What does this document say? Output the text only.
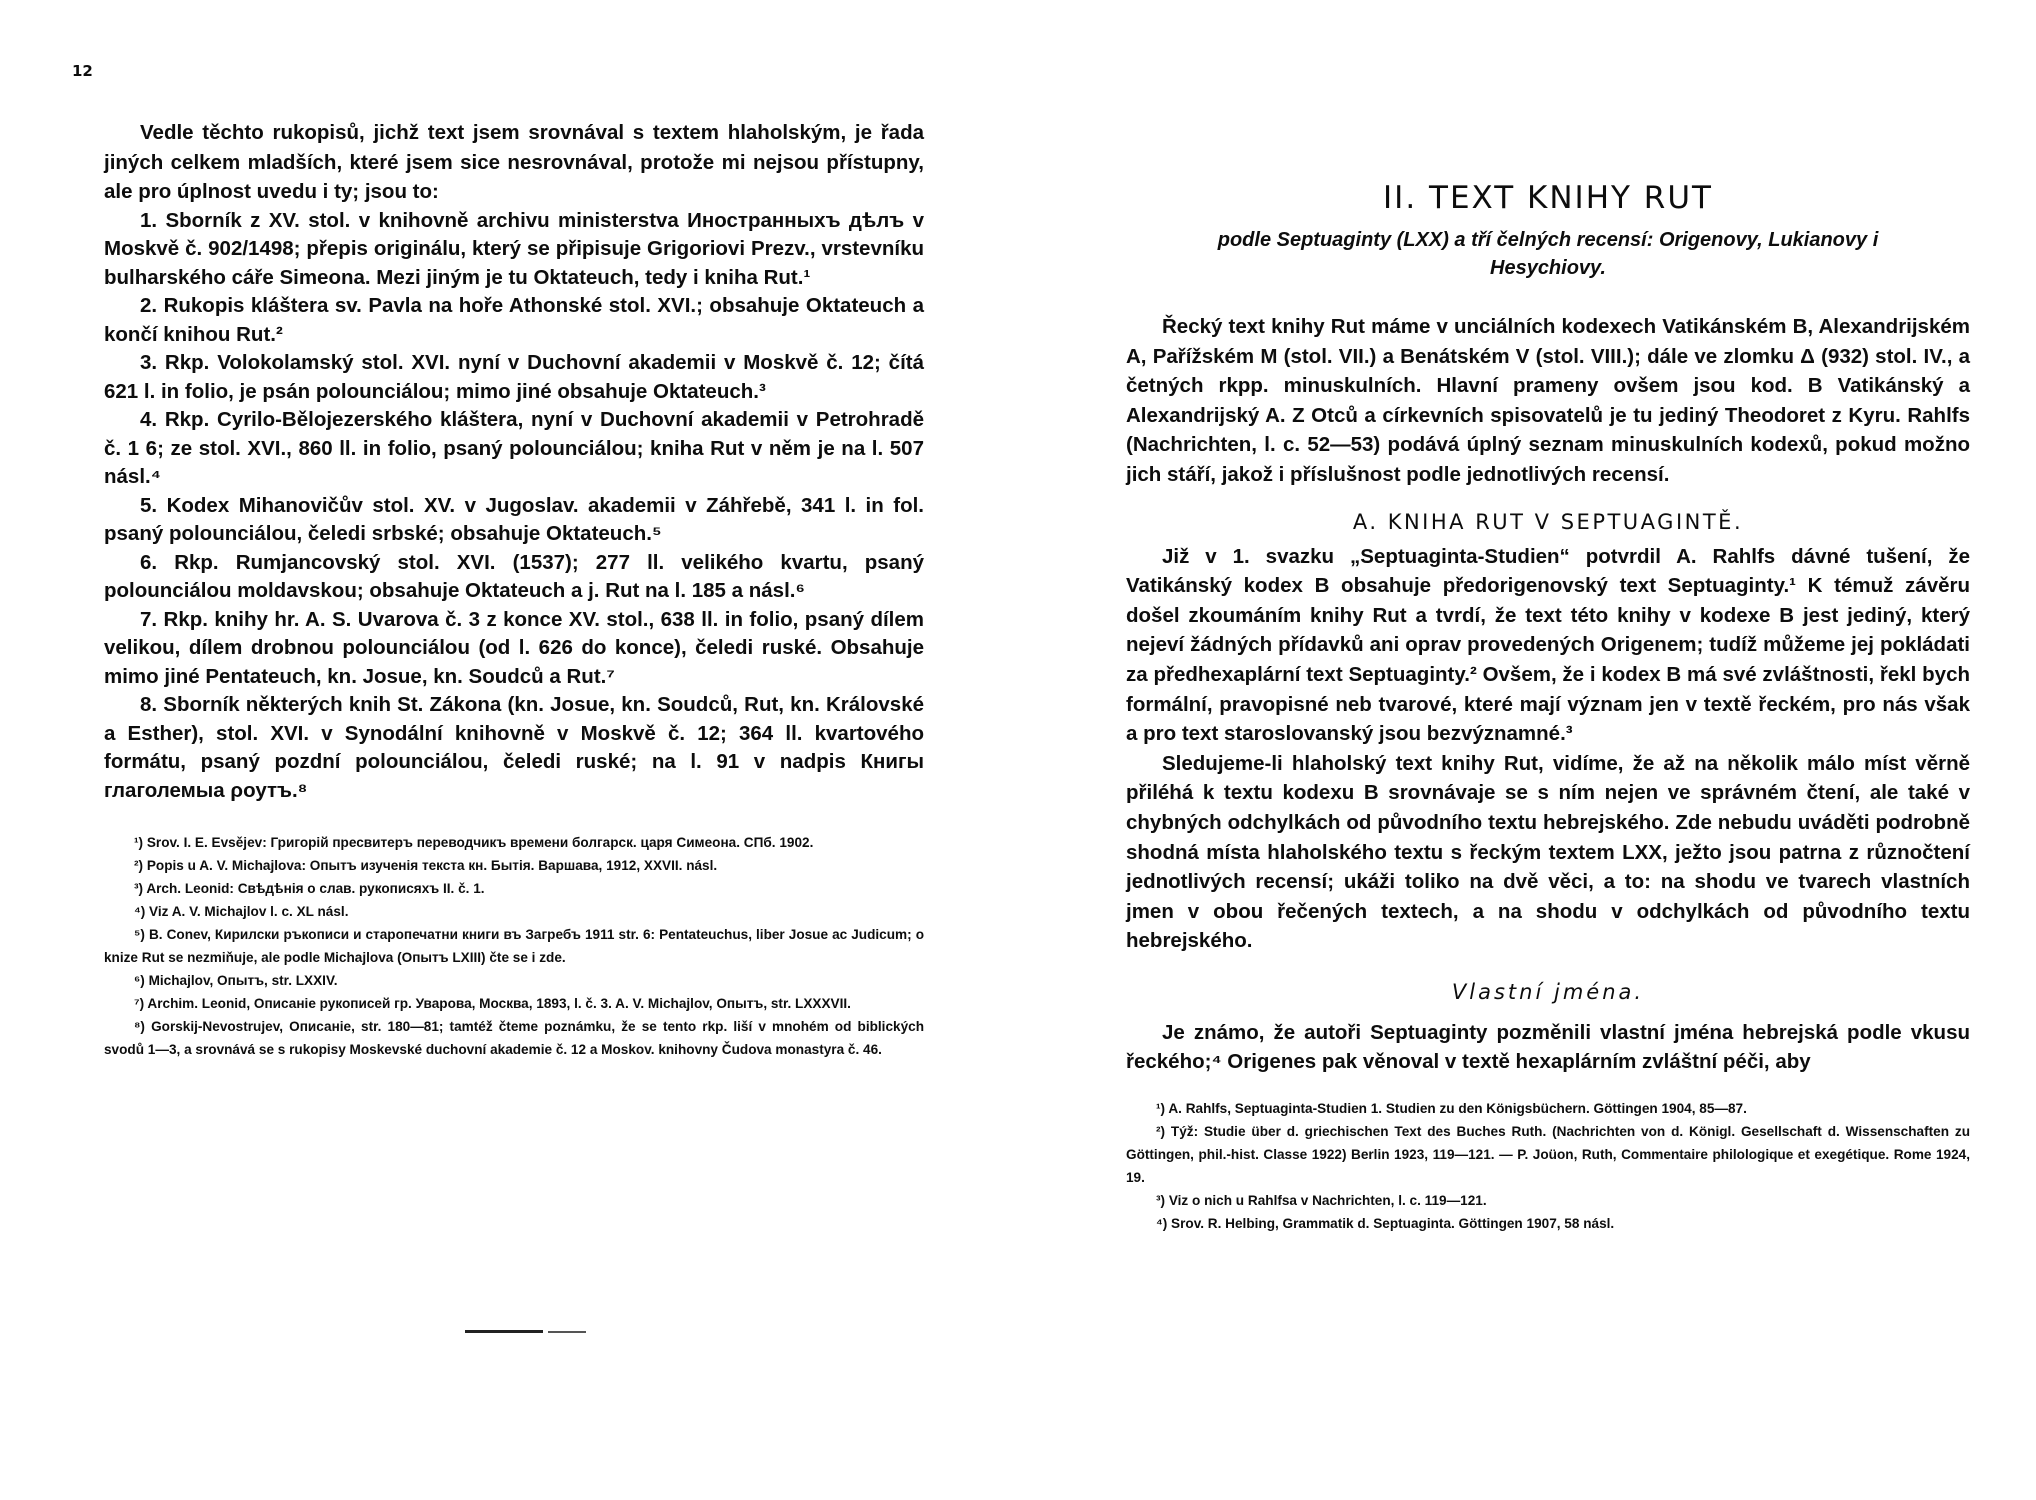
12

Vedle těchto rukopisů, jichž text jsem srovnával s textem hlaholským, je řada jiných celkem mladších, které jsem sice nesrovnával, protože mi nejsou přístupny, ale pro úplnost uvedu i ty; jsou to:

1. Sborník z XV. stol. v knihovně archivu ministerstva Иностранныхъ дѣлъ v Moskvě č. 902/1498; přepis originálu, který se připisuje Grigoriovi Prezv., vrstevníku bulharského cáře Simeona. Mezi jiným je tu Oktateuch, tedy i kniha Rut.¹

2. Rukopis kláštera sv. Pavla na hoře Athonské stol. XVI.; obsahuje Oktateuch a končí knihou Rut.²

3. Rkp. Volokolamský stol. XVI. nyní v Duchovní akademii v Moskvě č. 12; čítá 621 l. in folio, je psán polounciálou; mimo jiné obsahuje Oktateuch.³

4. Rkp. Cyrilo-Bělojezerského kláštera, nyní v Duchovní akademii v Petrohradě č. 1 6; ze stol. XVI., 860 ll. in folio, psaný polounciálou; kniha Rut v něm je na l. 507 násl.⁴

5. Kodex Mihanovičův stol. XV. v Jugoslav. akademii v Záhřebě, 341 l. in fol. psaný polounciálou, čeledi srbské; obsahuje Oktateuch.⁵

6. Rkp. Rumjancovský stol. XVI. (1537); 277 ll. velikého kvartu, psaný polounciálou moldavskou; obsahuje Oktateuch a j. Rut na l. 185 a násl.⁶

7. Rkp. knihy hr. A. S. Uvarova č. 3 z konce XV. stol., 638 ll. in folio, psaný dílem velikou, dílem drobnou polounciálou (od l. 626 do konce), čeledi ruské. Obsahuje mimo jiné Pentateuch, kn. Josue, kn. Soudců a Rut.⁷

8. Sborník některých knih St. Zákona (kn. Josue, kn. Soudců, Rut, kn. Královské a Esther), stol. XVI. v Synodální knihovně v Moskvě č. 12; 364 ll. kvartového formátu, psaný pozdní polounciálou, čeledi ruské; na l. 91 v nadpis Книгы глаголемыа ρоутъ.⁸

¹) Srov. I. E. Evsějev: Григорій пресвитеръ переводчикъ времени болгарск. царя Симеона. СПб. 1902.

²) Popis u A. V. Michajlova: Опытъ изученія текста кн. Бытія. Варшава, 1912, XXVII. násl.

³) Arch. Leonid: Свѣдѣнія о слав. рукописяхъ II. č. 1.

⁴) Viz A. V. Michajlov l. c. XL násl.

⁵) B. Conev, Кирилски ръкописи и старопечатни книги въ Загребъ 1911 str. 6: Pentateuchus, liber Josue ac Judicum; o knize Rut se nezmiňuje, ale podle Michajlova (Опытъ LXIII) čte se i zde.

⁶) Michajlov, Опытъ, str. LXXIV.

⁷) Archim. Leonid, Описаніе рукописей гр. Уварова, Москва, 1893, l. č. 3. A. V. Michajlov, Опытъ, str. LXXXVII.

⁸) Gorskij-Nevostrujev, Описаніе, str. 180—81; tamtéž čteme poznámku, že se tento rkp. liší v mnohém od biblických svodů 1—3, a srovnává se s rukopisy Moskevské duchovní akademie č. 12 a Moskov. knihovny Čudova monastyra č. 46.

II. TEXT KNIHY RUT
podle Septuaginty (LXX) a tří čelných recensí: Origenovy, Lukianovy i Hesychiovy.

Řecký text knihy Rut máme v unciálních kodexech Vatikánském B, Alexandrijském A, Pařížském M (stol. VII.) a Benátském V (stol. VIII.); dále ve zlomku Δ (932) stol. IV., a četných rkpp. minuskulních. Hlavní prameny ovšem jsou kod. B Vatikánský a Alexandrijský A. Z Otců a církevních spisovatelů je tu jediný Theodoret z Kyru. Rahlfs (Nachrichten, l. c. 52—53) podává úplný seznam minuskulních kodexů, pokud možno jich stáří, jakož i příslušnost podle jednotlivých recensí.

A. KNIHA RUT V SEPTUAGINTĚ.

Již v 1. svazku „Septuaginta-Studien“ potvrdil A. Rahlfs dávné tušení, že Vatikánský kodex B obsahuje předorigenovský text Septuaginty.¹ K témuž závěru došel zkoumáním knihy Rut a tvrdí, že text této knihy v kodexe B jest jediný, který nejeví žádných přídavků ani oprav provedených Origenem; tudíž můžeme jej pokládati za předhexaplární text Septuaginty.² Ovšem, že i kodex B má své zvláštnosti, řekl bych formální, pravopisné neb tvarové, které mají význam jen v textě řeckém, pro nás však a pro text staroslovanský jsou bezvýznamné.³

Sledujeme-li hlaholský text knihy Rut, vidíme, že až na několik málo míst věrně přiléhá k textu kodexu B srovnávaje se s ním nejen ve správném čtení, ale také v chybných odchylkách od původního textu hebrejského. Zde nebudu uváděti podrobně shodná místa hlaholského textu s řeckým textem LXX, ježto jsou patrna z různočtení jednotlivých recensí; ukáži toliko na dvě věci, a to: na shodu ve tvarech vlastních jmen v obou řečených textech, a na shodu v odchylkách od původního textu hebrejského.

Vlastní jména.

Je známo, že autoři Septuaginty pozměnili vlastní jména hebrejská podle vkusu řeckého;⁴ Origenes pak věnoval v textě hexaplárním zvláštní péči, aby

¹) A. Rahlfs, Septuaginta-Studien 1. Studien zu den Königsbüchern. Göttingen 1904, 85—87.

²) Týž: Studie über d. griechischen Text des Buches Ruth. (Nachrichten von d. Königl. Gesellschaft d. Wissenschaften zu Göttingen, phil.-hist. Classe 1922) Berlin 1923, 119—121. — P. Joüon, Ruth, Commentaire philologique et exegétique. Rome 1924, 19.

³) Viz o nich u Rahlfsa v Nachrichten, l. c. 119—121.

⁴) Srov. R. Helbing, Grammatik d. Septuaginta. Göttingen 1907, 58 násl.
